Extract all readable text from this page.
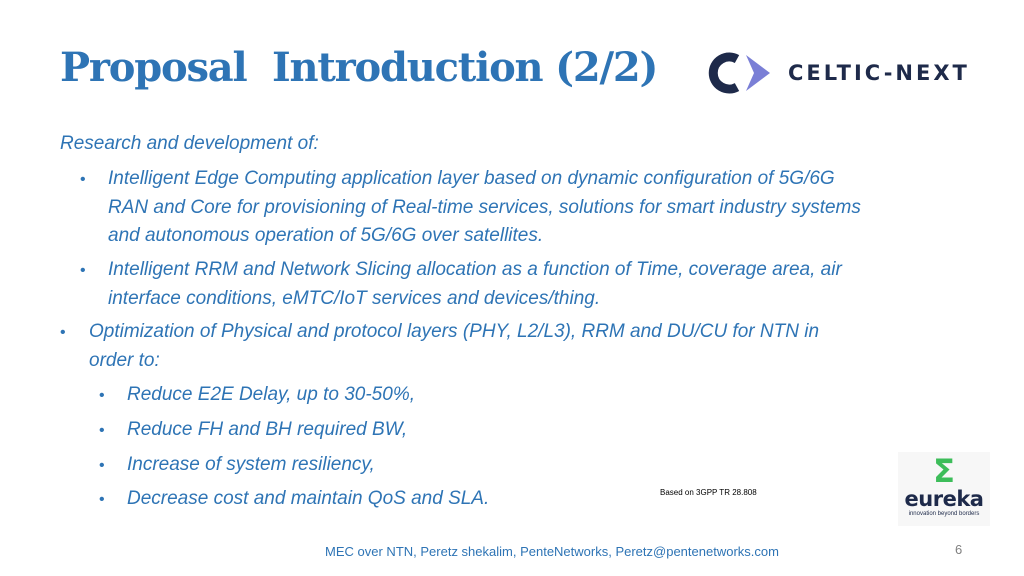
Proposal  Introduction (2/2)	CELTIC-NEXT
Research and development of:
• Intelligent Edge Computing application layer based on dynamic configuration of 5G/6G
RAN and Core for provisioning of Real-time services, solutions for smart industry systems
and autonomous operation of 5G/6G over satellites.
• Intelligent RRM and Network Slicing allocation as a function of Time, coverage area, air
interface conditions, eMTC/IoT services and devices/thing.
• Optimization of Physical and protocol layers (PHY, L2/L3), RRM and DU/CU for NTN in
order to:
• Reduce E2E Delay, up to 30-50%,
• Reduce FH and BH required BW,
• Increase of system resiliency,
• Decrease cost and maintain QoS and SLA.	Based on 3GPP TR 28.808
Σ
eureka
innovation beyond borders
MEC over NTN, Peretz shekalim, PenteNetworks, Peretz@pentenetworks.com	6
